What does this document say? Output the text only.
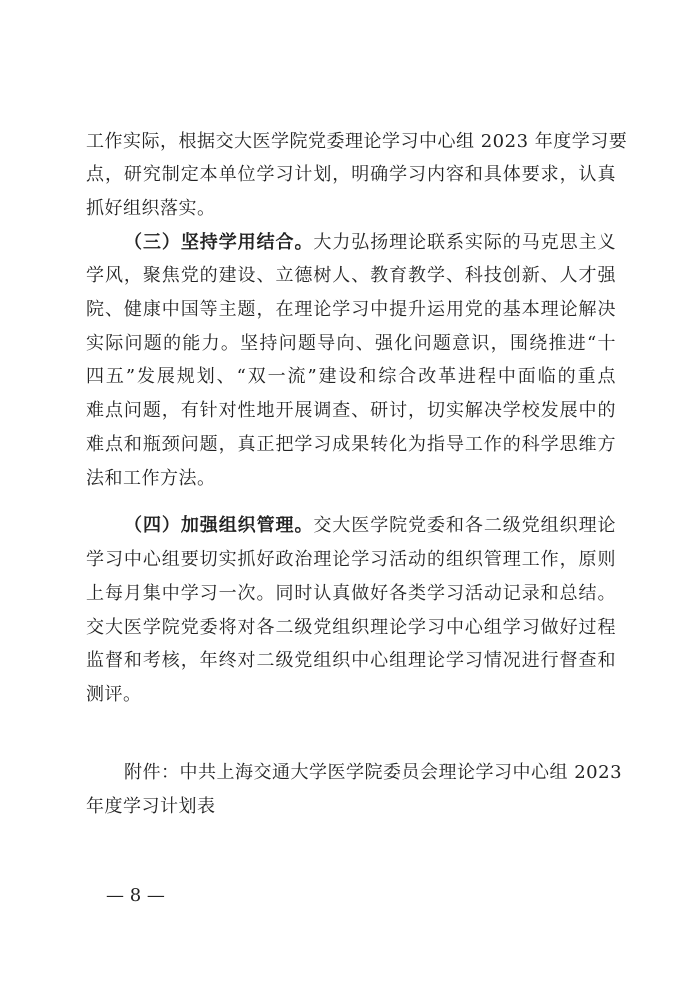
工作实际，根据交大医学院党委理论学习中心组 2023 年度学习要
点，研究制定本单位学习计划，明确学习内容和具体要求，认真
抓好组织落实。
（三）坚持学用结合。大力弘扬理论联系实际的马克思主义
学风，聚焦党的建设、立德树人、教育教学、科技创新、人才强
院、健康中国等主题，在理论学习中提升运用党的基本理论解决
实际问题的能力。坚持问题导向、强化问题意识，围绕推进“十
四五”发展规划、“双一流”建设和综合改革进程中面临的重点
难点问题，有针对性地开展调查、研讨，切实解决学校发展中的
难点和瓶颈问题，真正把学习成果转化为指导工作的科学思维方
法和工作方法。
（四）加强组织管理。交大医学院党委和各二级党组织理论
学习中心组要切实抓好政治理论学习活动的组织管理工作，原则
上每月集中学习一次。同时认真做好各类学习活动记录和总结。
交大医学院党委将对各二级党组织理论学习中心组学习做好过程
监督和考核，年终对二级党组织中心组理论学习情况进行督查和
测评。
附件：中共上海交通大学医学院委员会理论学习中心组 2023
年度学习计划表
— 8 —
